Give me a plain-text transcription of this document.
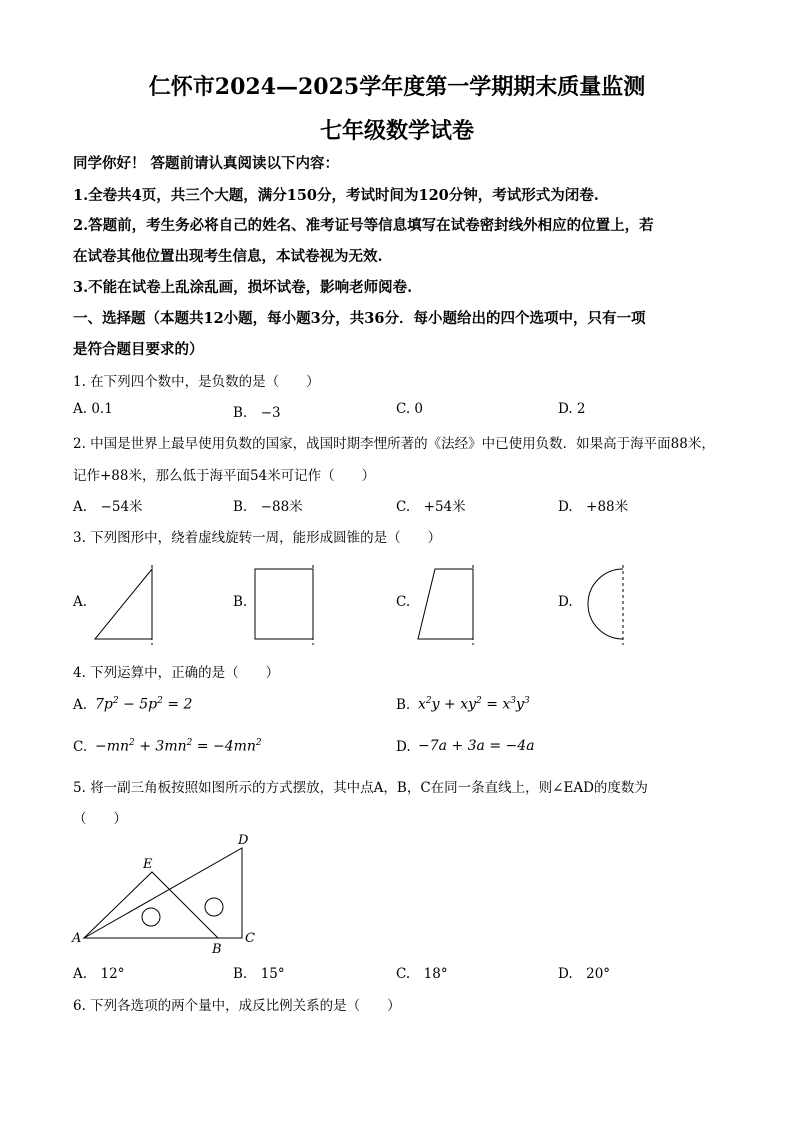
仁怀市2024—2025学年度第一学期期末质量监测
七年级数学试卷
同学你好！ 答题前请认真阅读以下内容：
1.全卷共4页，共三个大题，满分150分，考试时间为120分钟，考试形式为闭卷.
2.答题前，考生务必将自己的姓名、准考证号等信息填写在试卷密封线外相应的位置上，若
在试卷其他位置出现考生信息，本试卷视为无效.
3.不能在试卷上乱涂乱画，损坏试卷，影响老师阅卷.
一、选择题（本题共12小题，每小题3分，共36分．每小题给出的四个选项中，只有一项
是符合题目要求的）
1. 在下列四个数中，是负数的是（　　）
A. 0.1	B.　−3	C. 0	D. 2
2. 中国是世界上最早使用负数的国家，战国时期李悝所著的《法经》中已使用负数．如果高于海平面88米，
记作+88米，那么低于海平面54米可记作（　　）
A.　−54米	B.　−88米	C.　+54米	D.　+88米
3. 下列图形中，绕着虚线旋转一周，能形成圆锥的是（　　）
A.	B.	C.	D.
4. 下列运算中，正确的是（　　）
A. $7p^2 - 5p^2 = 2$	B. $x^2y + xy^2 = x^3y^3$
C. $-mn^2 + 3mn^2 = -4mn^2$	D. −7a + 3a = −4a
5. 将一副三角板按照如图所示的方式摆放，其中点A，B，C在同一条直线上，则∠EAD的度数为
（　　）
A
B
C
D
E
A.　12°	B.　15°	C.　18°	D.　20°
6. 下列各选项的两个量中，成反比例关系的是（　　）
